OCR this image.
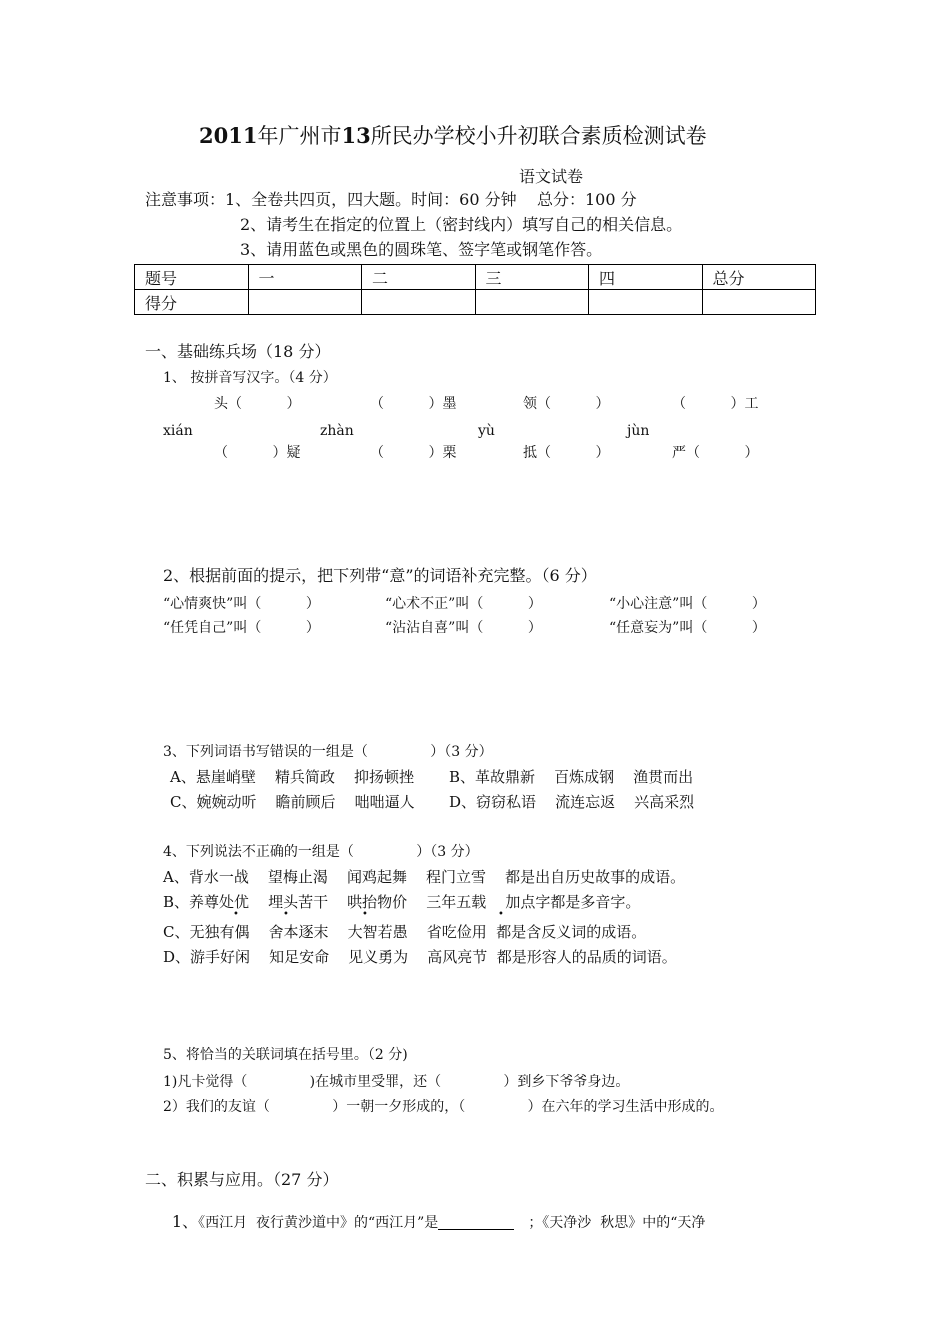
2011年广州市13所民办学校小升初联合素质检测试卷
语文试卷
注意事项：1、全卷共四页，四大题。时间：60 分钟    总分：100 分
2、请考生在指定的位置上（密封线内）填写自己的相关信息。
3、请用蓝色或黑色的圆珠笔、签字笔或钢笔作答。
题号	一	二	三	四	总分
得分					
一、基础练兵场（18 分）
1、 按拼音写汉字。（4 分）
头（          ）	（          ）墨	领（          ）	（          ）工
xián	zhàn	yù	jùn
（          ）疑	（          ）栗	抵（          ）	严（          ）
2、根据前面的提示，把下列带“意”的词语补充完整。（6 分）
“心情爽快”叫（          ）	“心术不正”叫（          ）	“小心注意”叫（          ）
“任凭自己”叫（          ）	“沾沾自喜”叫（          ）	“任意妄为”叫（          ）
3、下列词语书写错误的一组是（              ）（3 分）
A、悬崖峭壁    精兵简政    抑扬顿挫 B、革故鼎新    百炼成钢    渔贯而出
C、婉婉动听    瞻前顾后    咄咄逼人 D、窃窃私语    流连忘返    兴高采烈
4、下列说法不正确的一组是（              ）（3 分）
A、背水一战    望梅止渴    闻鸡起舞    程门立雪    都是出自历史故事的成语。
B、养尊处优    埋头苦干    哄抬物价    三年五载    加点字都是多音字。
•	•	•	•
C、无独有偶    舍本逐末    大智若愚    省吃俭用  都是含反义词的成语。
D、游手好闲    知足安命    见义勇为    高风亮节  都是形容人的品质的词语。
5、将恰当的关联词填在括号里。（2 分)
1)凡卡觉得（              )在城市里受罪，还（              ）到乡下爷爷身边。
2）我们的友谊（              ）一朝一夕形成的，（              ）在六年的学习生活中形成的。
二、积累与应用。（27 分）

1、《西江月  夜行黄沙道中》的“西江月”是	；《天净沙  秋思》中的“天净
